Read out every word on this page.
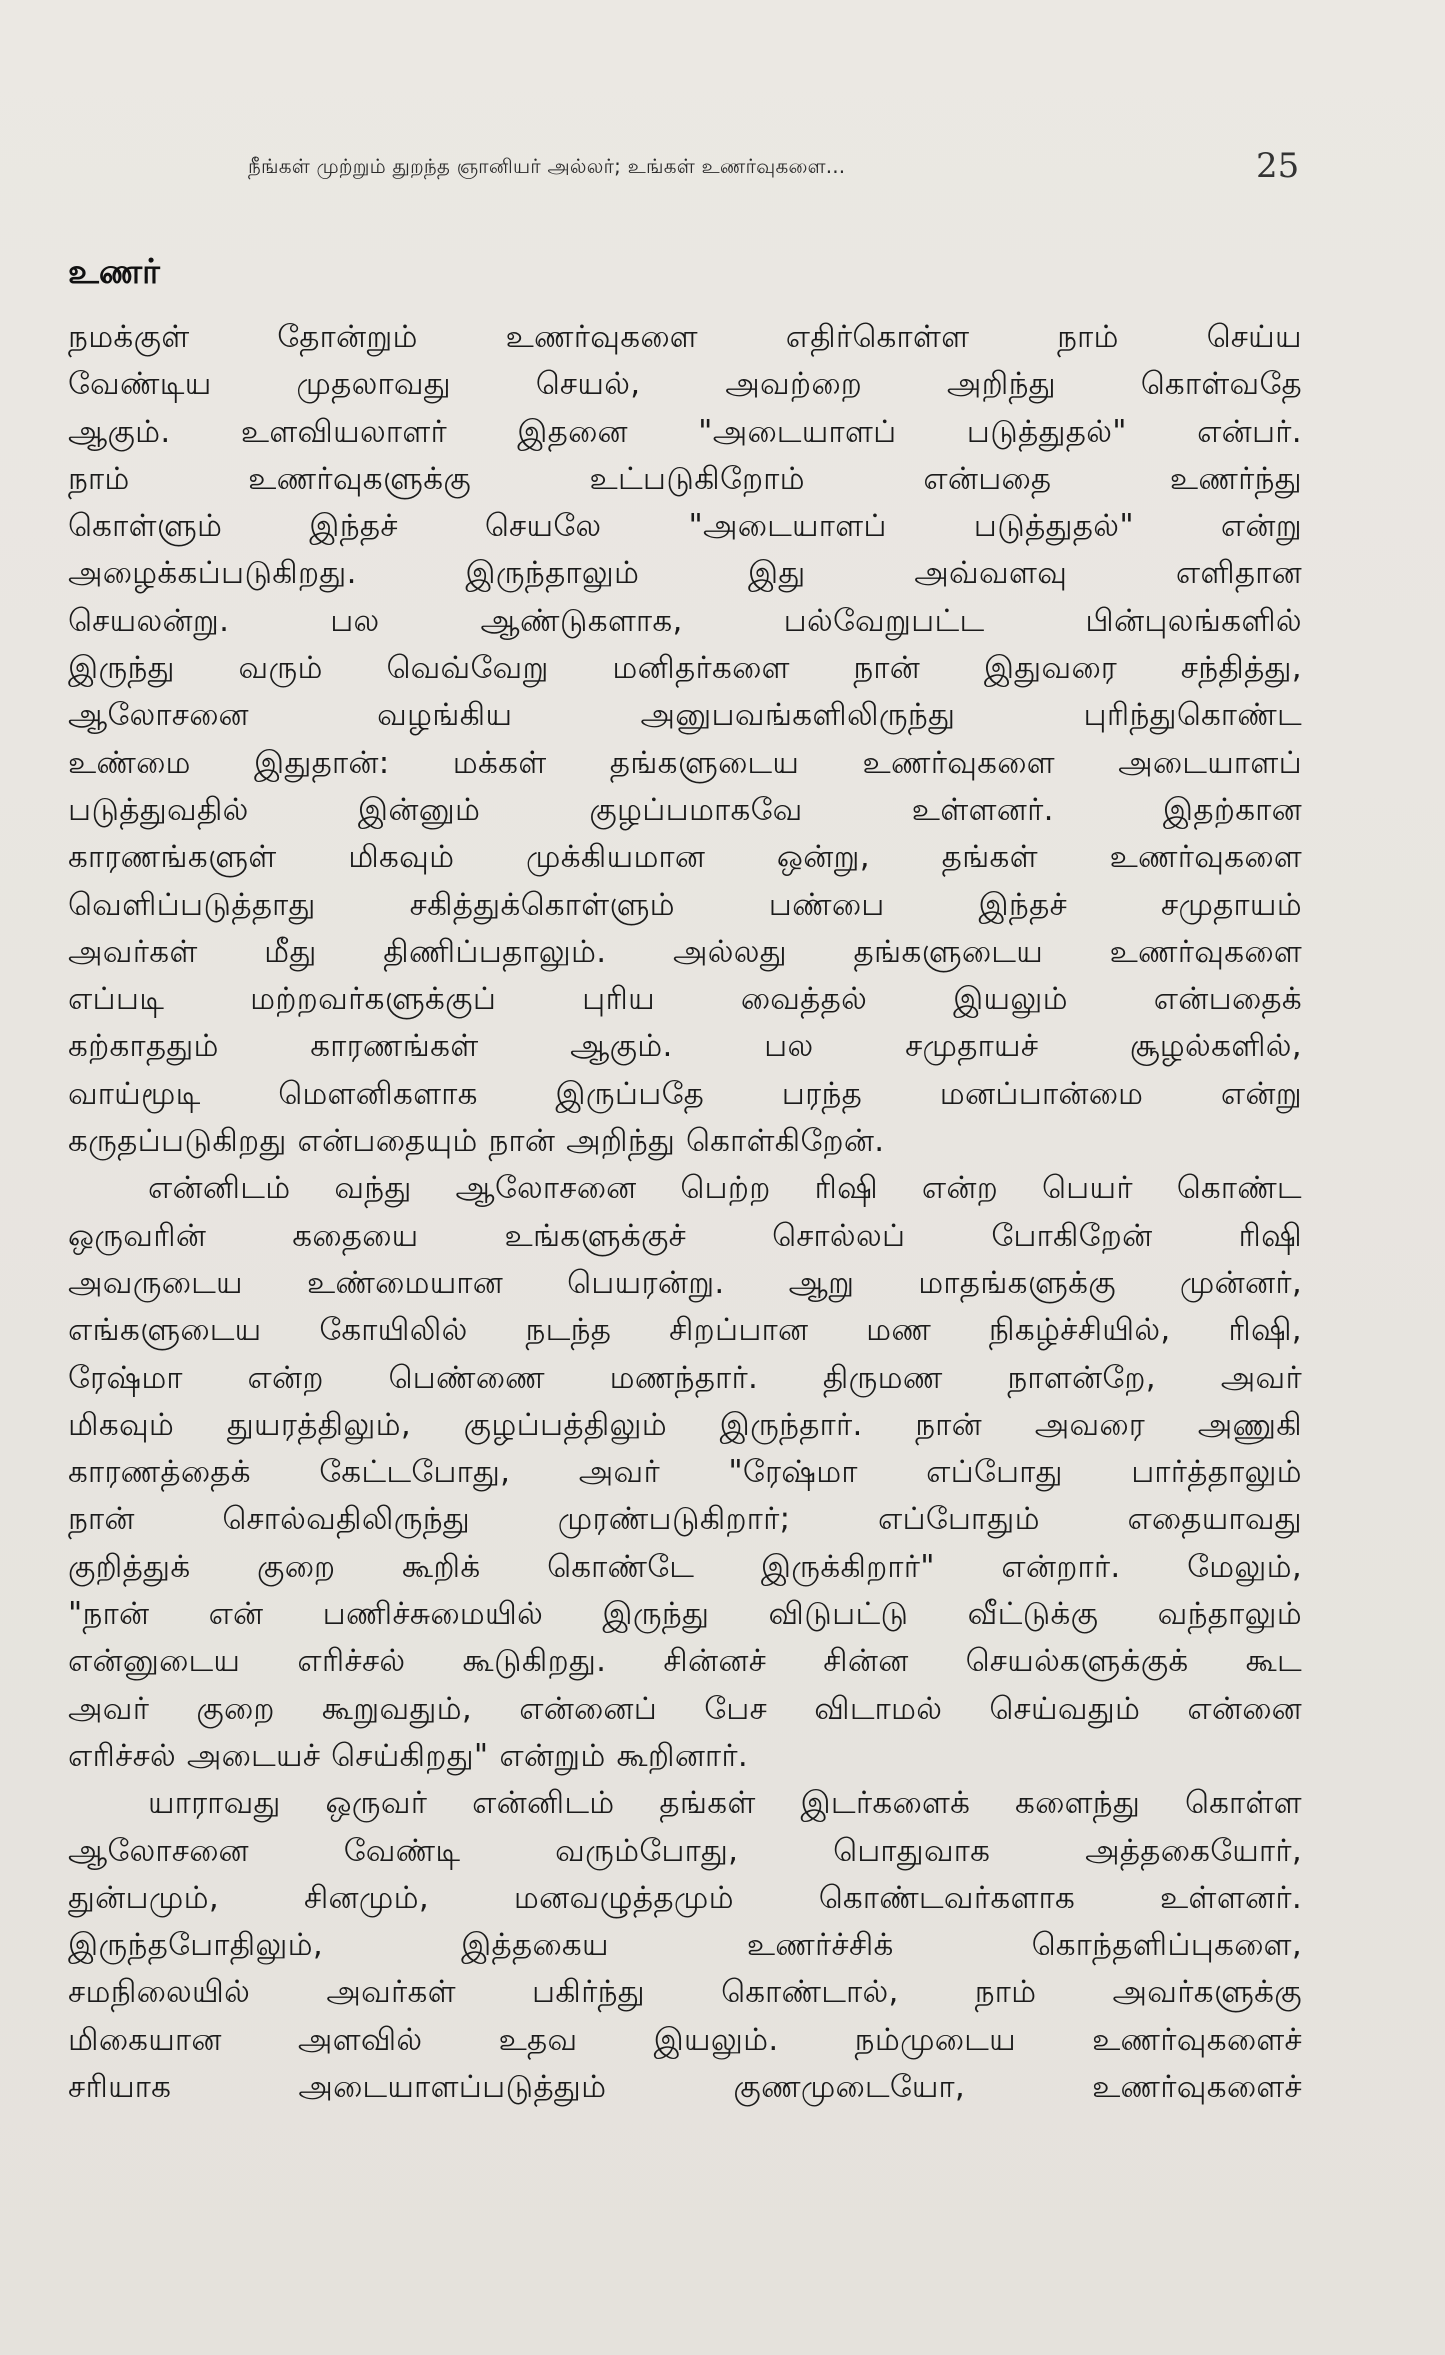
நீங்கள் முற்றும் துறந்த ஞானியர் அல்லர்; உங்கள் உணர்வுகளை...	25
உணர்
நமக்குள்	தோன்றும்	உணர்வுகளை	எதிர்கொள்ள	நாம்	செய்ய
வேண்டிய	முதலாவது	செயல்,	அவற்றை	அறிந்து	கொள்வதே
ஆகும். உளவியலாளர் இதனை "அடையாளப் படுத்துதல்" என்பர்.
நாம்	உணர்வுகளுக்கு	உட்படுகிறோம்	என்பதை	உணர்ந்து
கொள்ளும்	இந்தச்	செயலே	"அடையாளப்	படுத்துதல்"	என்று
அழைக்கப்படுகிறது.	இருந்தாலும்	இது	அவ்வளவு	எளிதான
செயலன்று.	பல	ஆண்டுகளாக,	பல்வேறுபட்ட	பின்புலங்களில்
இருந்து வரும் வெவ்வேறு மனிதர்களை நான் இதுவரை சந்தித்து,
ஆலோசனை	வழங்கிய	அனுபவங்களிலிருந்து	புரிந்துகொண்ட
உண்மை இதுதான்: மக்கள் தங்களுடைய உணர்வுகளை அடையாளப்
படுத்துவதில்	இன்னும்	குழப்பமாகவே	உள்ளனர்.	இதற்கான
காரணங்களுள் மிகவும் முக்கியமான ஒன்று, தங்கள் உணர்வுகளை
வெளிப்படுத்தாது	சகித்துக்கொள்ளும்	பண்பை	இந்தச்	சமுதாயம்
அவர்கள் மீது திணிப்பதாலும். அல்லது தங்களுடைய உணர்வுகளை
எப்படி	மற்றவர்களுக்குப்	புரிய	வைத்தல்	இயலும்	என்பதைக்
கற்காததும்	காரணங்கள்	ஆகும்.	பல	சமுதாயச்	சூழல்களில்,
வாய்மூடி	மௌனிகளாக	இருப்பதே	பரந்த	மனப்பான்மை	என்று
கருதப்படுகிறது என்பதையும் நான் அறிந்து கொள்கிறேன்.
என்னிடம் வந்து ஆலோசனை பெற்ற ரிஷி என்ற பெயர் கொண்ட
ஒருவரின்	கதையை	உங்களுக்குச்	சொல்லப்	போகிறேன்	ரிஷி
அவருடைய உண்மையான பெயரன்று. ஆறு மாதங்களுக்கு முன்னர்,
எங்களுடைய கோயிலில் நடந்த சிறப்பான மண நிகழ்ச்சியில், ரிஷி,
ரேஷ்மா என்ற பெண்ணை மணந்தார். திருமண நாளன்றே, அவர்
மிகவும் துயரத்திலும், குழப்பத்திலும் இருந்தார். நான் அவரை அணுகி
காரணத்தைக் கேட்டபோது, அவர் "ரேஷ்மா எப்போது பார்த்தாலும்
நான்	சொல்வதிலிருந்து	முரண்படுகிறார்;	எப்போதும்	எதையாவது
குறித்துக் குறை கூறிக் கொண்டே இருக்கிறார்" என்றார். மேலும்,
"நான் என் பணிச்சுமையில் இருந்து விடுபட்டு வீட்டுக்கு வந்தாலும்
என்னுடைய எரிச்சல் கூடுகிறது. சின்னச் சின்ன செயல்களுக்குக் கூட
அவர் குறை கூறுவதும், என்னைப் பேச விடாமல் செய்வதும் என்னை
எரிச்சல் அடையச் செய்கிறது" என்றும் கூறினார்.
யாராவது ஒருவர் என்னிடம் தங்கள் இடர்களைக் களைந்து கொள்ள
ஆலோசனை	வேண்டி	வரும்போது,	பொதுவாக	அத்தகையோர்,
துன்பமும்,	சினமும்,	மனவழுத்தமும்	கொண்டவர்களாக	உள்ளனர்.
இருந்தபோதிலும்,	இத்தகைய	உணர்ச்சிக்	கொந்தளிப்புகளை,
சமநிலையில் அவர்கள் பகிர்ந்து கொண்டால், நாம் அவர்களுக்கு
மிகையான அளவில் உதவ இயலும். நம்முடைய உணர்வுகளைச்
சரியாக	அடையாளப்படுத்தும்	குணமுடையோ,	உணர்வுகளைச்
